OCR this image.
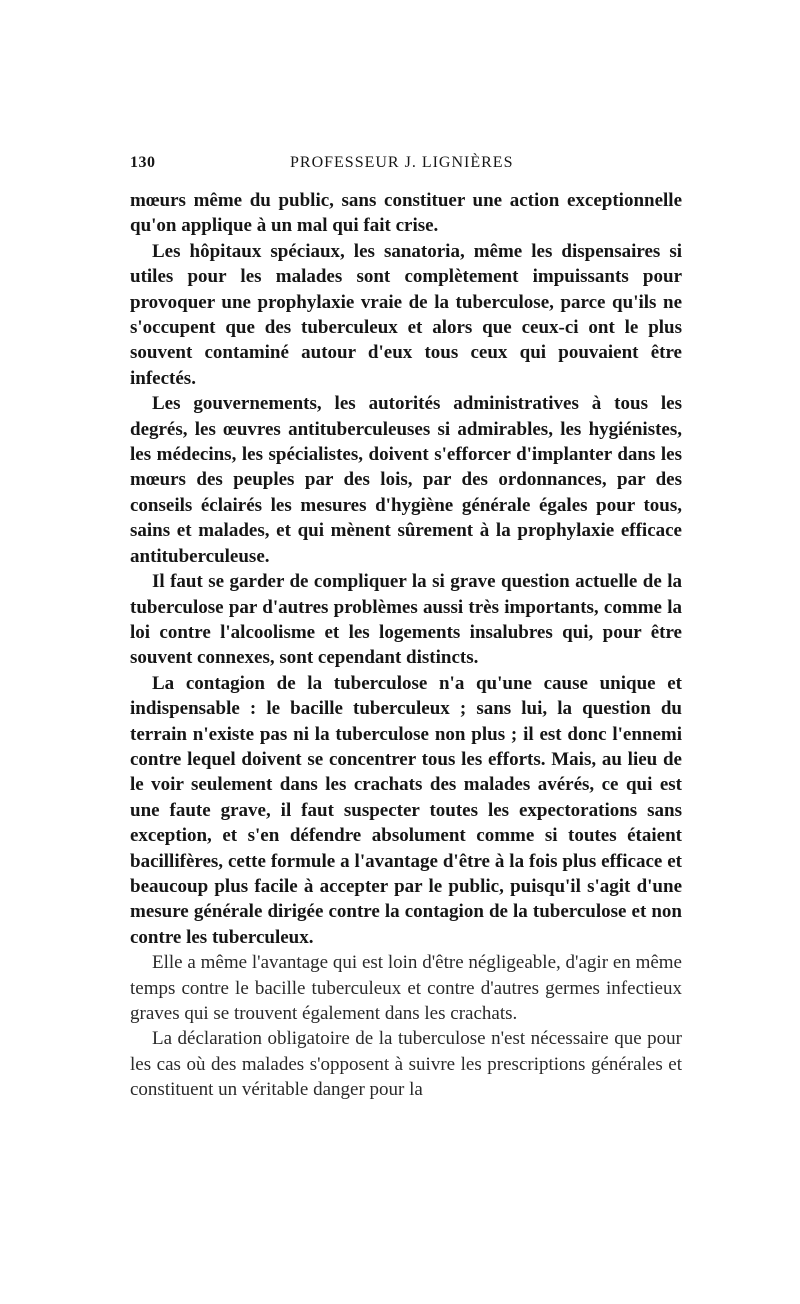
130	PROFESSEUR J. LIGNIÈRES

mœurs même du public, sans constituer une action exceptionnelle qu'on applique à un mal qui fait crise.

Les hôpitaux spéciaux, les sanatoria, même les dispensaires si utiles pour les malades sont complètement impuissants pour provoquer une prophylaxie vraie de la tuberculose, parce qu'ils ne s'occupent que des tuberculeux et alors que ceux-ci ont le plus souvent contaminé autour d'eux tous ceux qui pouvaient être infectés.

Les gouvernements, les autorités administratives à tous les degrés, les œuvres antituberculeuses si admirables, les hygiénistes, les médecins, les spécialistes, doivent s'efforcer d'implanter dans les mœurs des peuples par des lois, par des ordonnances, par des conseils éclairés les mesures d'hygiène générale égales pour tous, sains et malades, et qui mènent sûrement à la prophylaxie efficace antituberculeuse.

Il faut se garder de compliquer la si grave question actuelle de la tuberculose par d'autres problèmes aussi très importants, comme la loi contre l'alcoolisme et les logements insalubres qui, pour être souvent connexes, sont cependant distincts.

La contagion de la tuberculose n'a qu'une cause unique et indispensable : le bacille tuberculeux ; sans lui, la question du terrain n'existe pas ni la tuberculose non plus ; il est donc l'ennemi contre lequel doivent se concentrer tous les efforts. Mais, au lieu de le voir seulement dans les crachats des malades avérés, ce qui est une faute grave, il faut suspecter toutes les expectorations sans exception, et s'en défendre absolument comme si toutes étaient bacillifères, cette formule a l'avantage d'être à la fois plus efficace et beaucoup plus facile à accepter par le public, puisqu'il s'agit d'une mesure générale dirigée contre la contagion de la tuberculose et non contre les tuberculeux.

Elle a même l'avantage qui est loin d'être négligeable, d'agir en même temps contre le bacille tuberculeux et contre d'autres germes infectieux graves qui se trouvent également dans les crachats.

La déclaration obligatoire de la tuberculose n'est nécessaire que pour les cas où des malades s'opposent à suivre les prescriptions générales et constituent un véritable danger pour la
